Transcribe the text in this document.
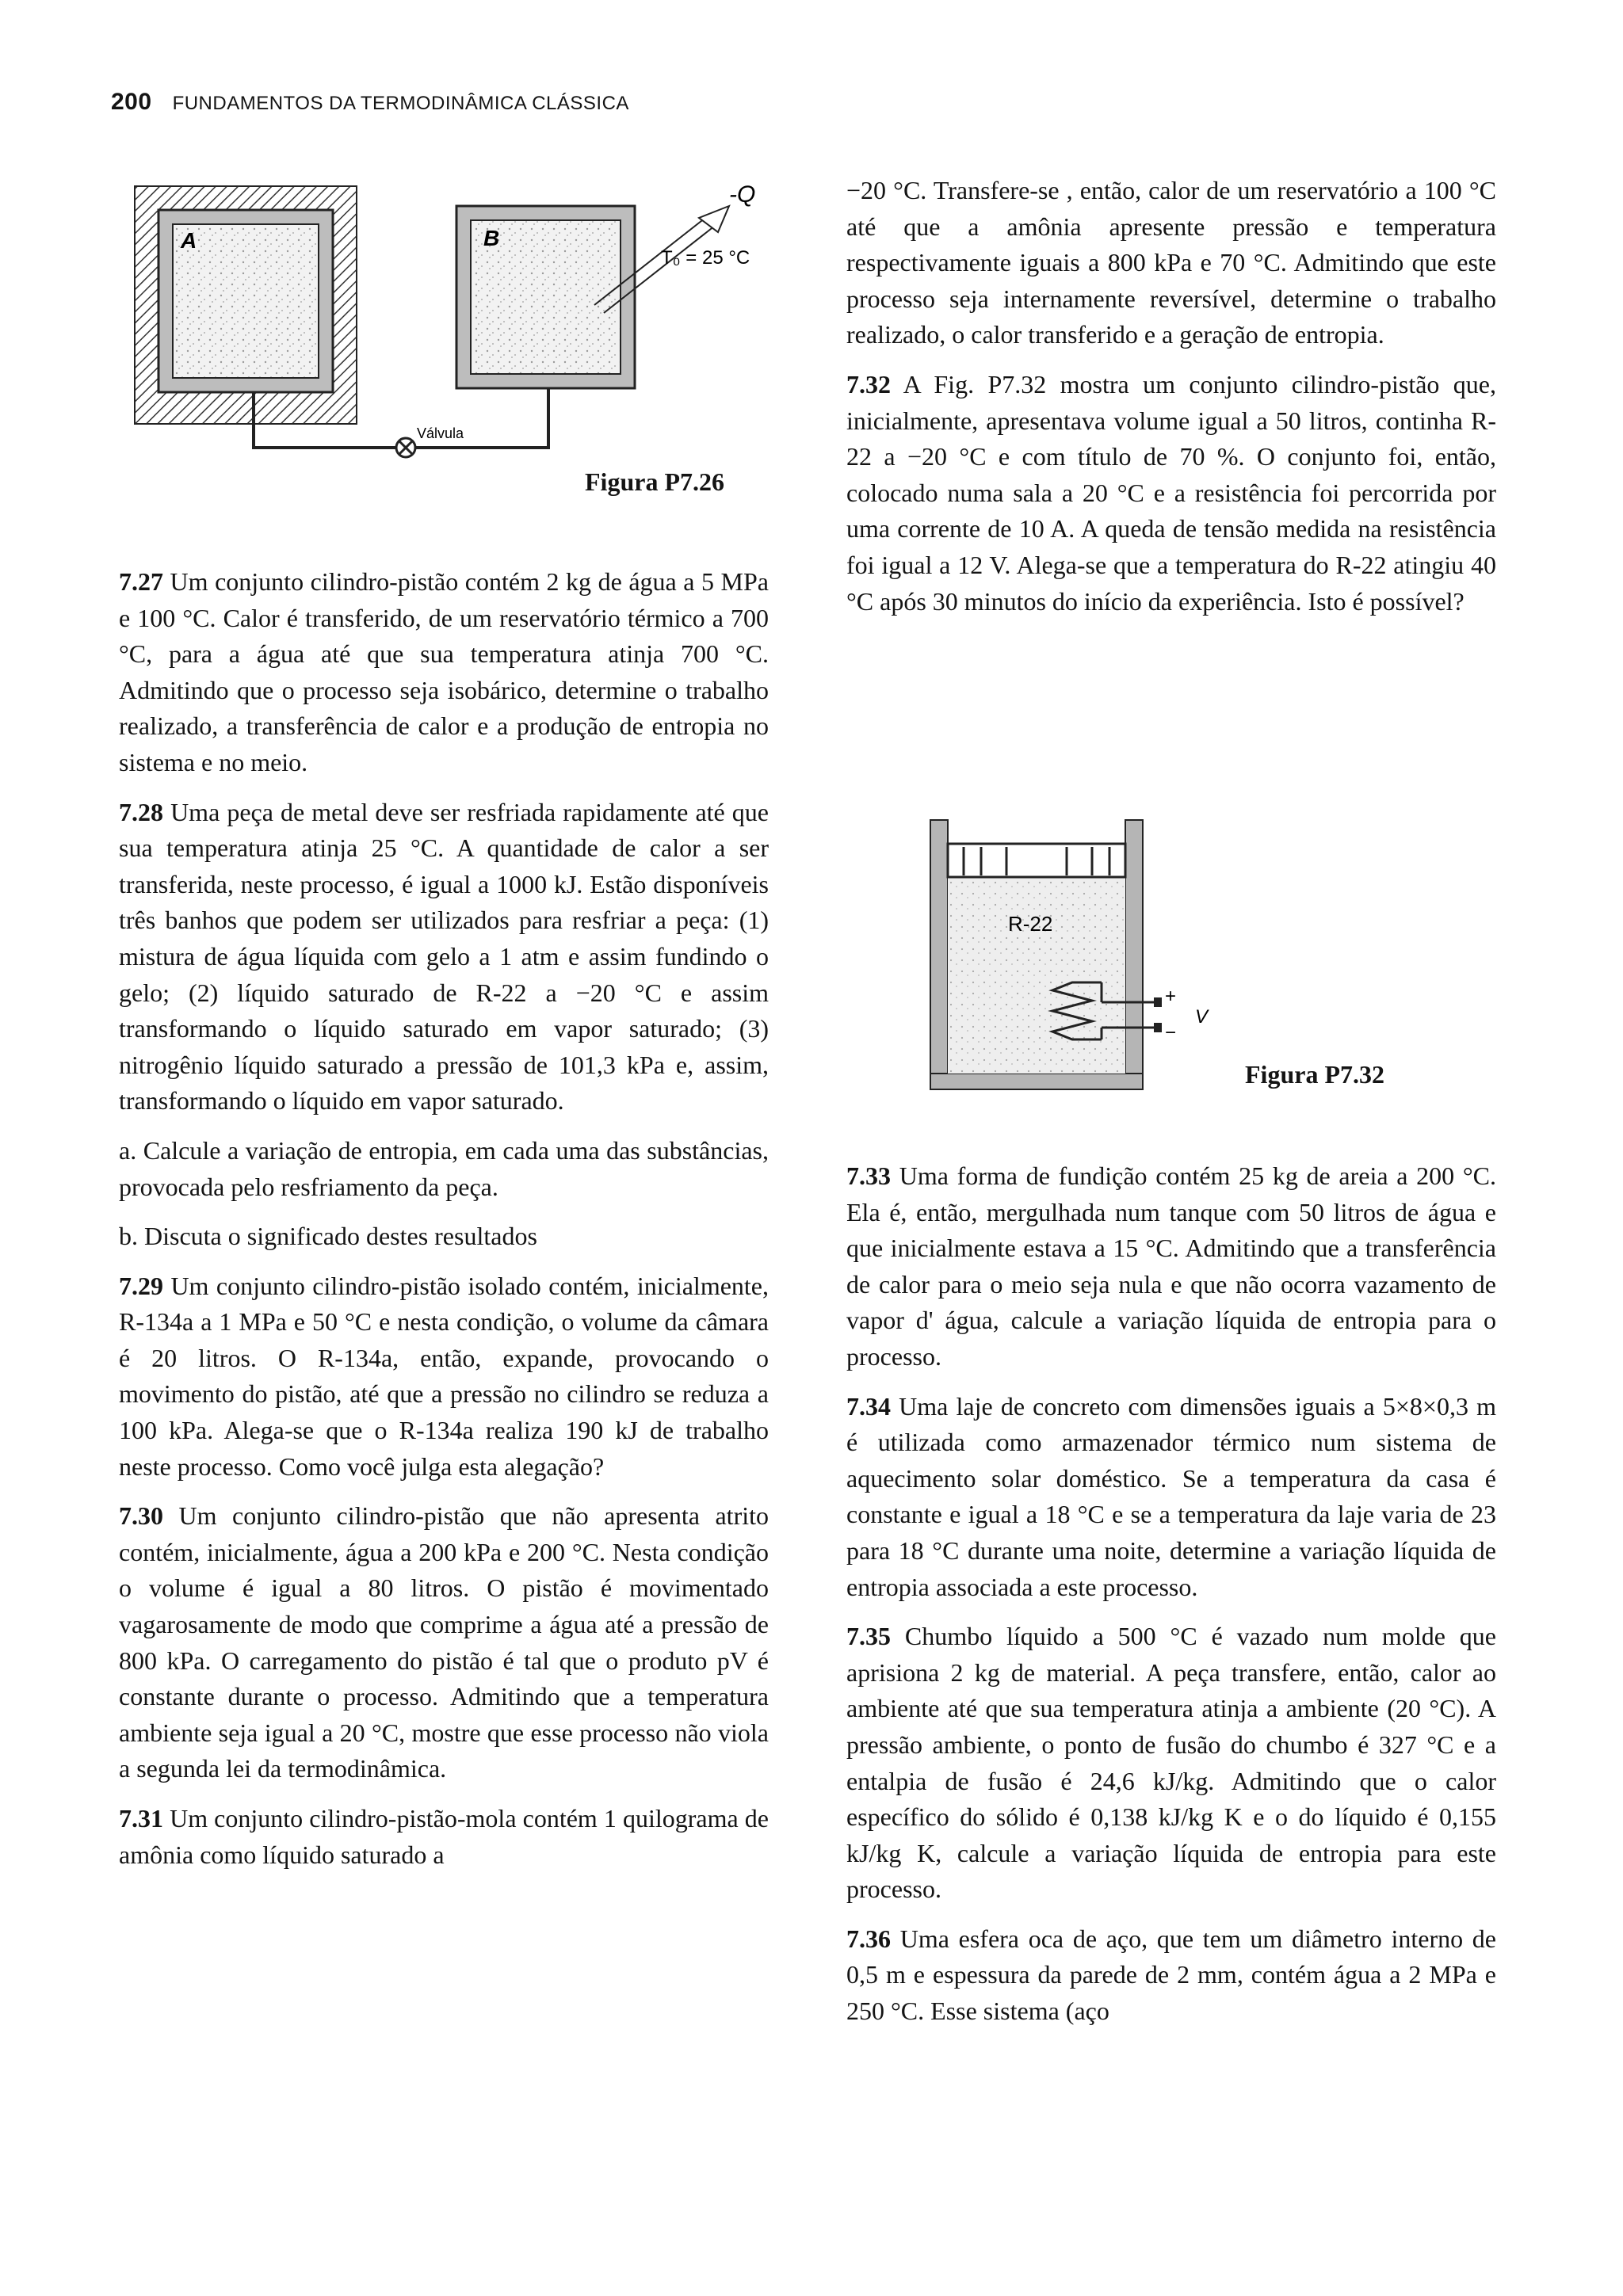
200 FUNDAMENTOS DA TERMODINÂMICA CLÁSSICA
A	B
-Q
T₀ = 25 °C
Válvula
Figura P7.26

7.27 Um conjunto cilindro-pistão contém 2 kg de água a 5 MPa e 100 °C. Calor é transferido, de um reservatório térmico a 700 °C, para a água até que sua temperatura atinja 700 °C. Admitindo que o processo seja isobárico, determine o trabalho realizado, a transferência de calor e a produção de entropia no sistema e no meio.

7.28 Uma peça de metal deve ser resfriada rapidamente até que sua temperatura atinja 25 °C. A quantidade de calor a ser transferida, neste processo, é igual a 1000 kJ. Estão disponíveis três banhos que podem ser utilizados para resfriar a peça: (1) mistura de água líquida com gelo a 1 atm e assim fundindo o gelo; (2) líquido saturado de R-22 a −20 °C e assim transformando o líquido saturado em vapor saturado; (3) nitrogênio líquido saturado a pressão de 101,3 kPa e, assim, transformando o líquido em vapor saturado.

a. Calcule a variação de entropia, em cada uma das substâncias, provocada pelo resfriamento da peça.

b. Discuta o significado destes resultados

7.29 Um conjunto cilindro-pistão isolado contém, inicialmente, R-134a a 1 MPa e 50 °C e nesta condição, o volume da câmara é 20 litros. O R-134a, então, expande, provocando o movimento do pistão, até que a pressão no cilindro se reduza a 100 kPa. Alega-se que o R-134a realiza 190 kJ de trabalho neste processo. Como você julga esta alegação?

7.30 Um conjunto cilindro-pistão que não apresenta atrito contém, inicialmente, água a 200 kPa e 200 °C. Nesta condição o volume é igual a 80 litros. O pistão é movimentado vagarosamente de modo que comprime a água até a pressão de 800 kPa. O carregamento do pistão é tal que o produto pV é constante durante o processo. Admitindo que a temperatura ambiente seja igual a 20 °C, mostre que esse processo não viola a segunda lei da termodinâmica.

7.31 Um conjunto cilindro-pistão-mola contém 1 quilograma de amônia como líquido saturado a

−20 °C. Transfere-se , então, calor de um reservatório a 100 °C até que a amônia apresente pressão e temperatura respectivamente iguais a 800 kPa e 70 °C. Admitindo que este processo seja internamente reversível, determine o trabalho realizado, o calor transferido e a geração de entropia.

7.32 A Fig. P7.32 mostra um conjunto cilindro-pistão que, inicialmente, apresentava volume igual a 50 litros, continha R-22 a −20 °C e com título de 70 %. O conjunto foi, então, colocado numa sala a 20 °C e a resistência foi percorrida por uma corrente de 10 A. A queda de tensão medida na resistência foi igual a 12 V. Alega-se que a temperatura do R-22 atingiu 40 °C após 30 minutos do início da experiência. Isto é possível?

R-22
+
−
V
Figura P7.32

7.33 Uma forma de fundição contém 25 kg de areia a 200 °C. Ela é, então, mergulhada num tanque com 50 litros de água e que inicialmente estava a 15 °C. Admitindo que a transferência de calor para o meio seja nula e que não ocorra vazamento de vapor d' água, calcule a variação líquida de entropia para o processo.

7.34 Uma laje de concreto com dimensões iguais a 5×8×0,3 m é utilizada como armazenador térmico num sistema de aquecimento solar doméstico. Se a temperatura da casa é constante e igual a 18 °C e se a temperatura da laje varia de 23 para 18 °C durante uma noite, determine a variação líquida de entropia associada a este processo.

7.35 Chumbo líquido a 500 °C é vazado num molde que aprisiona 2 kg de material. A peça transfere, então, calor ao ambiente até que sua temperatura atinja a ambiente (20 °C). A pressão ambiente, o ponto de fusão do chumbo é 327 °C e a entalpia de fusão é 24,6 kJ/kg. Admitindo que o calor específico do sólido é 0,138 kJ/kg K e o do líquido é 0,155 kJ/kg K, calcule a variação líquida de entropia para este processo.

7.36 Uma esfera oca de aço, que tem um diâmetro interno de 0,5 m e espessura da parede de 2 mm, contém água a 2 MPa e 250 °C. Esse sistema (aço
